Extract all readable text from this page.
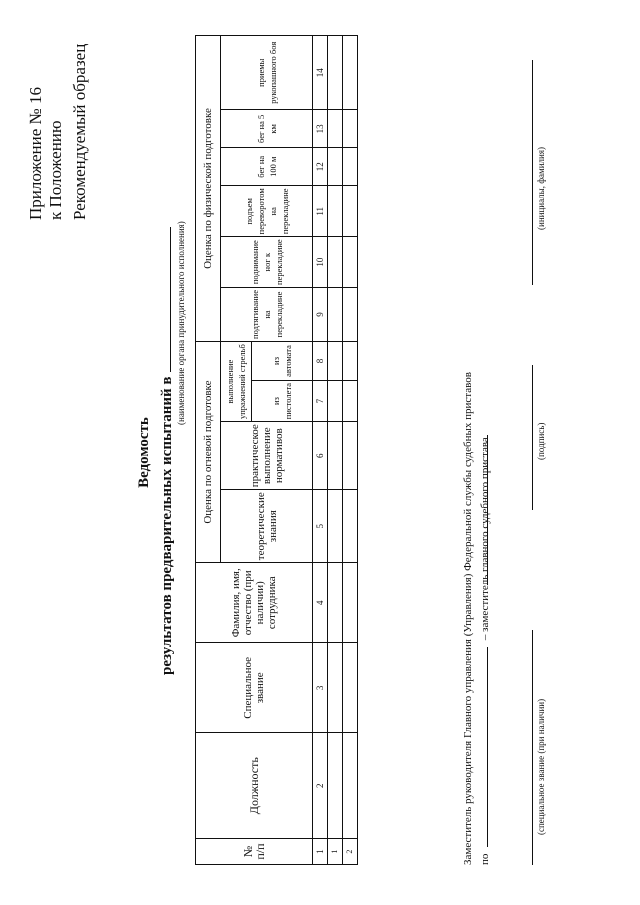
Приложение № 16 к Положению Рекомендуемый образец
Ведомость результатов предварительных испытаний в
(наименование органа принудительного исполнения)
№ п/п	Должность	Специальное звание	Фамилия, имя, отчество (при наличии) сотрудника	Оценка по огневой подготовке				Оценка по физической подготовке					
				теоретические знания	практическое выполнение нормативов	выполнение упражнений стрельб		подтягивание на перекладине	поднимание ног к перекладине	подъем переворотом на перекладине	бег на 100 м	бег на 5 км	приемы рукопашного боя
						из пистолета	из автомата						
1	2	3	4	5	6	7	8	9	10	11	12	13	14
1													
2														Заместитель руководителя Главного управления (Управления) Федеральной службы судебных приставов по  – заместитель главного судебного пристава
(специальное звание (при наличии)
(подпись)
(инициалы, фамилия)
